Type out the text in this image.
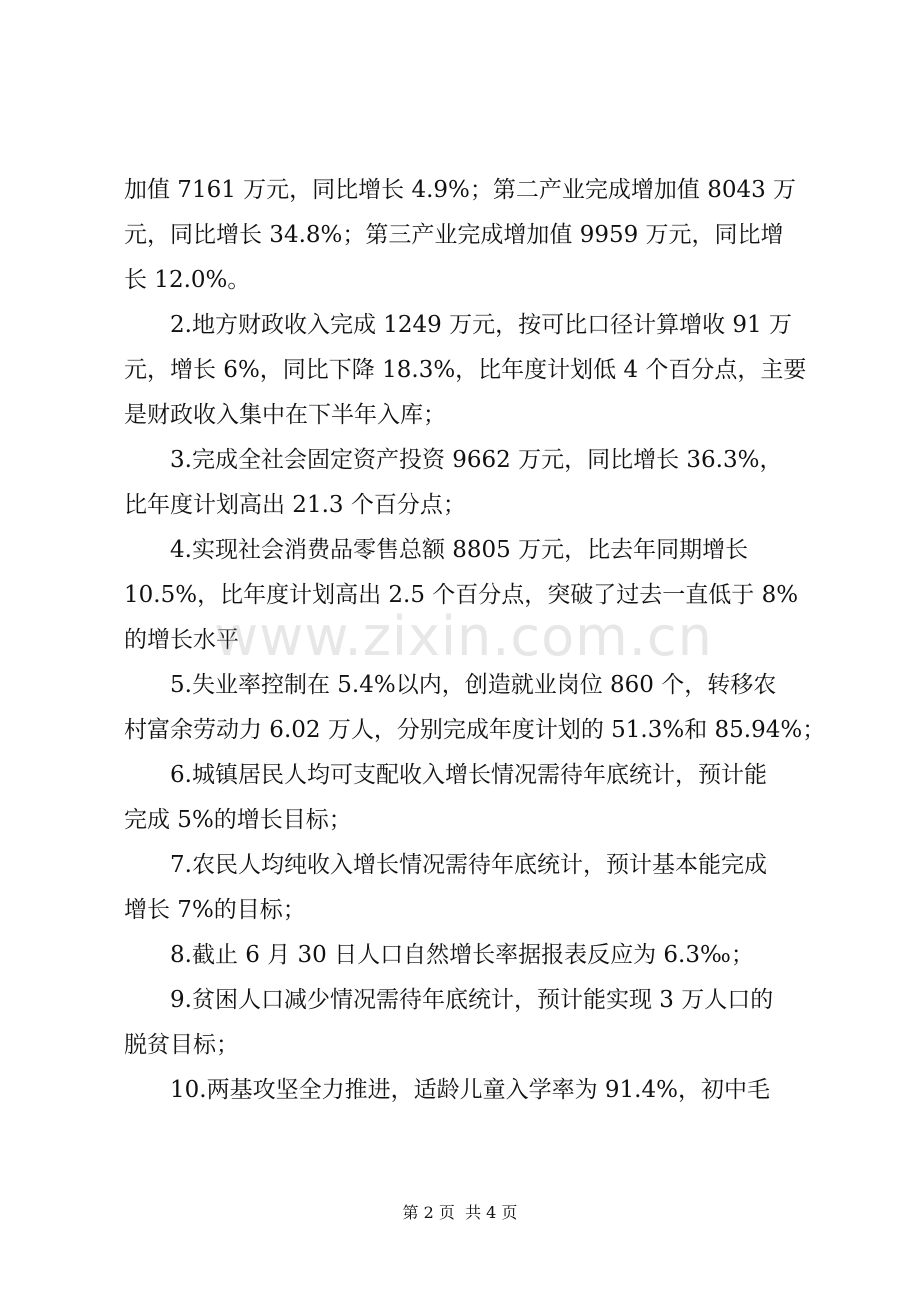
加值 7161 万元，同比增长 4.9%；第二产业完成增加值 8043 万
元，同比增长 34.8%；第三产业完成增加值 9959 万元，同比增
长 12.0%。
2.地方财政收入完成 1249 万元，按可比口径计算增收 91 万
元，增长 6%，同比下降 18.3%，比年度计划低 4 个百分点，主要
是财政收入集中在下半年入库；
3.完成全社会固定资产投资 9662 万元，同比增长 36.3%，
比年度计划高出 21.3 个百分点；
4.实现社会消费品零售总额 8805 万元，比去年同期增长
10.5%，比年度计划高出 2.5 个百分点，突破了过去一直低于 8%
的增长水平
5.失业率控制在 5.4%以内，创造就业岗位 860 个，转移农
村富余劳动力 6.02 万人，分别完成年度计划的 51.3%和 85.94%；
6.城镇居民人均可支配收入增长情况需待年底统计，预计能
完成 5%的增长目标；
7.农民人均纯收入增长情况需待年底统计，预计基本能完成
增长 7%的目标；
8.截止 6 月 30 日人口自然增长率据报表反应为 6.3‰；
9.贫困人口减少情况需待年底统计，预计能实现 3 万人口的
脱贫目标；
10.两基攻坚全力推进，适龄儿童入学率为 91.4%，初中毛
www.zixin.com.cn
第 2 页  共 4 页
